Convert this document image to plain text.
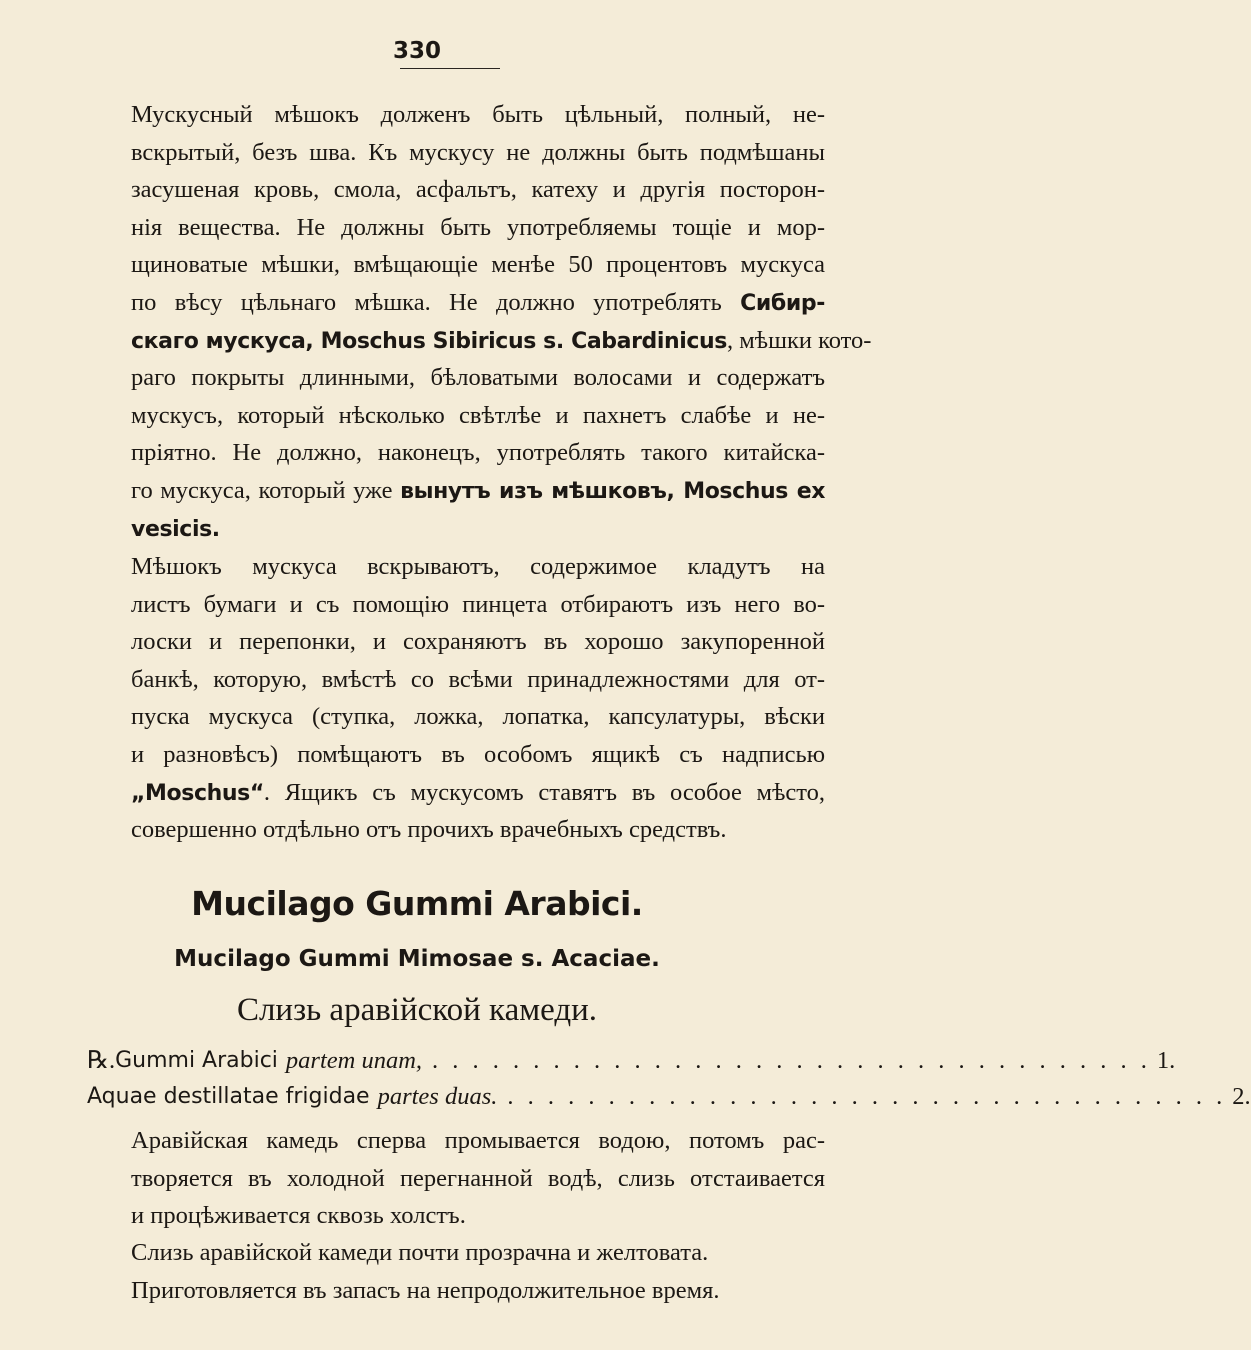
330
Мускусный мѣшокъ долженъ быть цѣльный, полный, не-
вскрытый, безъ шва. Къ мускусу не должны быть подмѣшаны
засушеная кровь, смола, асфальтъ, катеху и другія посторон-
нія вещества. Не должны быть употребляемы тощіе и мор-
щиноватые мѣшки, вмѣщающіе менѣе 50 процентовъ мускуса
по вѣсу цѣльнаго мѣшка. Не должно употреблять Сибир-
скаго мускуса, Moschus Sibiricus s. Cabardinicus, мѣшки кото-
раго покрыты длинными, бѣловатыми волосами и содержатъ
мускусъ, который нѣсколько свѣтлѣе и пахнетъ слабѣе и не-
пріятно. Не должно, наконецъ, употреблять такого китайска-
го мускуса, который уже вынутъ изъ мѣшковъ, Moschus ex
vesicis.
Мѣшокъ мускуса вскрываютъ, содержимое кладутъ на
листъ бумаги и съ помощію пинцета отбираютъ изъ него во-
лоски и перепонки, и сохраняютъ въ хорошо закупоренной
банкѣ, которую, вмѣстѣ со всѣми принадлежностями для от-
пуска мускуса (ступка, ложка, лопатка, капсулатуры, вѣски
и разновѣсъ) помѣщаютъ въ особомъ ящикѣ съ надписью
„Moschus“. Ящикъ съ мускусомъ ставятъ въ особое мѣсто,
совершенно отдѣльно отъ прочихъ врачебныхъ средствъ.
Mucilago Gummi Arabici.
Mucilago Gummi Mimosae s. Acaciae.
Слизь аравійской камеди.
℞. Gummi Arabici partem unam, . . . . . . . . . . . . . . . . . . . . . . . . . . . . . . . . . . . . 1.
Aquae destillatae frigidae partes duas. . . . . . . . . . . . . . . . . . . . . . . . . . . . . . . . . . . . . 2.
Аравійская камедь сперва промывается водою, потомъ рас-
творяется въ холодной перегнанной водѣ, слизь отстаивается
и процѣживается сквозь холстъ.
Слизь аравійской камеди почти прозрачна и желтовата.
Приготовляется въ запасъ на непродолжительное время.
